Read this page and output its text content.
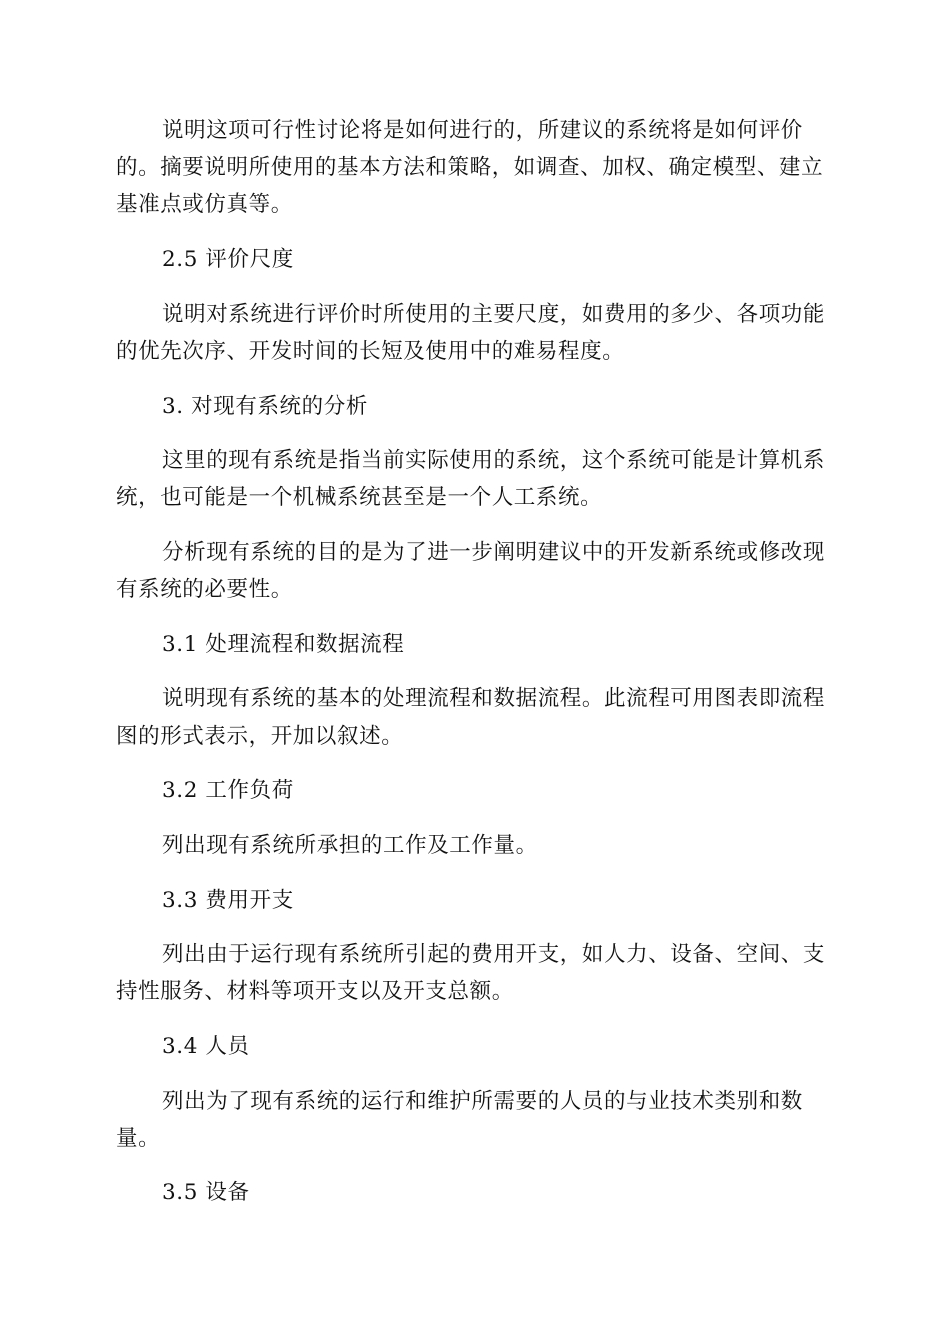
说明这项可行性讨论将是如何进行的，所建议的系统将是如何评价
的。摘要说明所使用的基本方法和策略，如调查、加权、确定模型、建立
基准点或仿真等。
2.5 评价尺度
说明对系统进行评价时所使用的主要尺度，如费用的多少、各项功能
的优先次序、开发时间的长短及使用中的难易程度。
3. 对现有系统的分析
这里的现有系统是指当前实际使用的系统，这个系统可能是计算机系
统，也可能是一个机械系统甚至是一个人工系统。
分析现有系统的目的是为了进一步阐明建议中的开发新系统或修改现
有系统的必要性。
3.1 处理流程和数据流程
说明现有系统的基本的处理流程和数据流程。此流程可用图表即流程
图的形式表示，开加以叙述。
3.2 工作负荷
列出现有系统所承担的工作及工作量。
3.3 费用开支
列出由于运行现有系统所引起的费用开支，如人力、设备、空间、支
持性服务、材料等项开支以及开支总额。
3.4 人员
列出为了现有系统的运行和维护所需要的人员的与业技术类别和数
量。
3.5 设备
